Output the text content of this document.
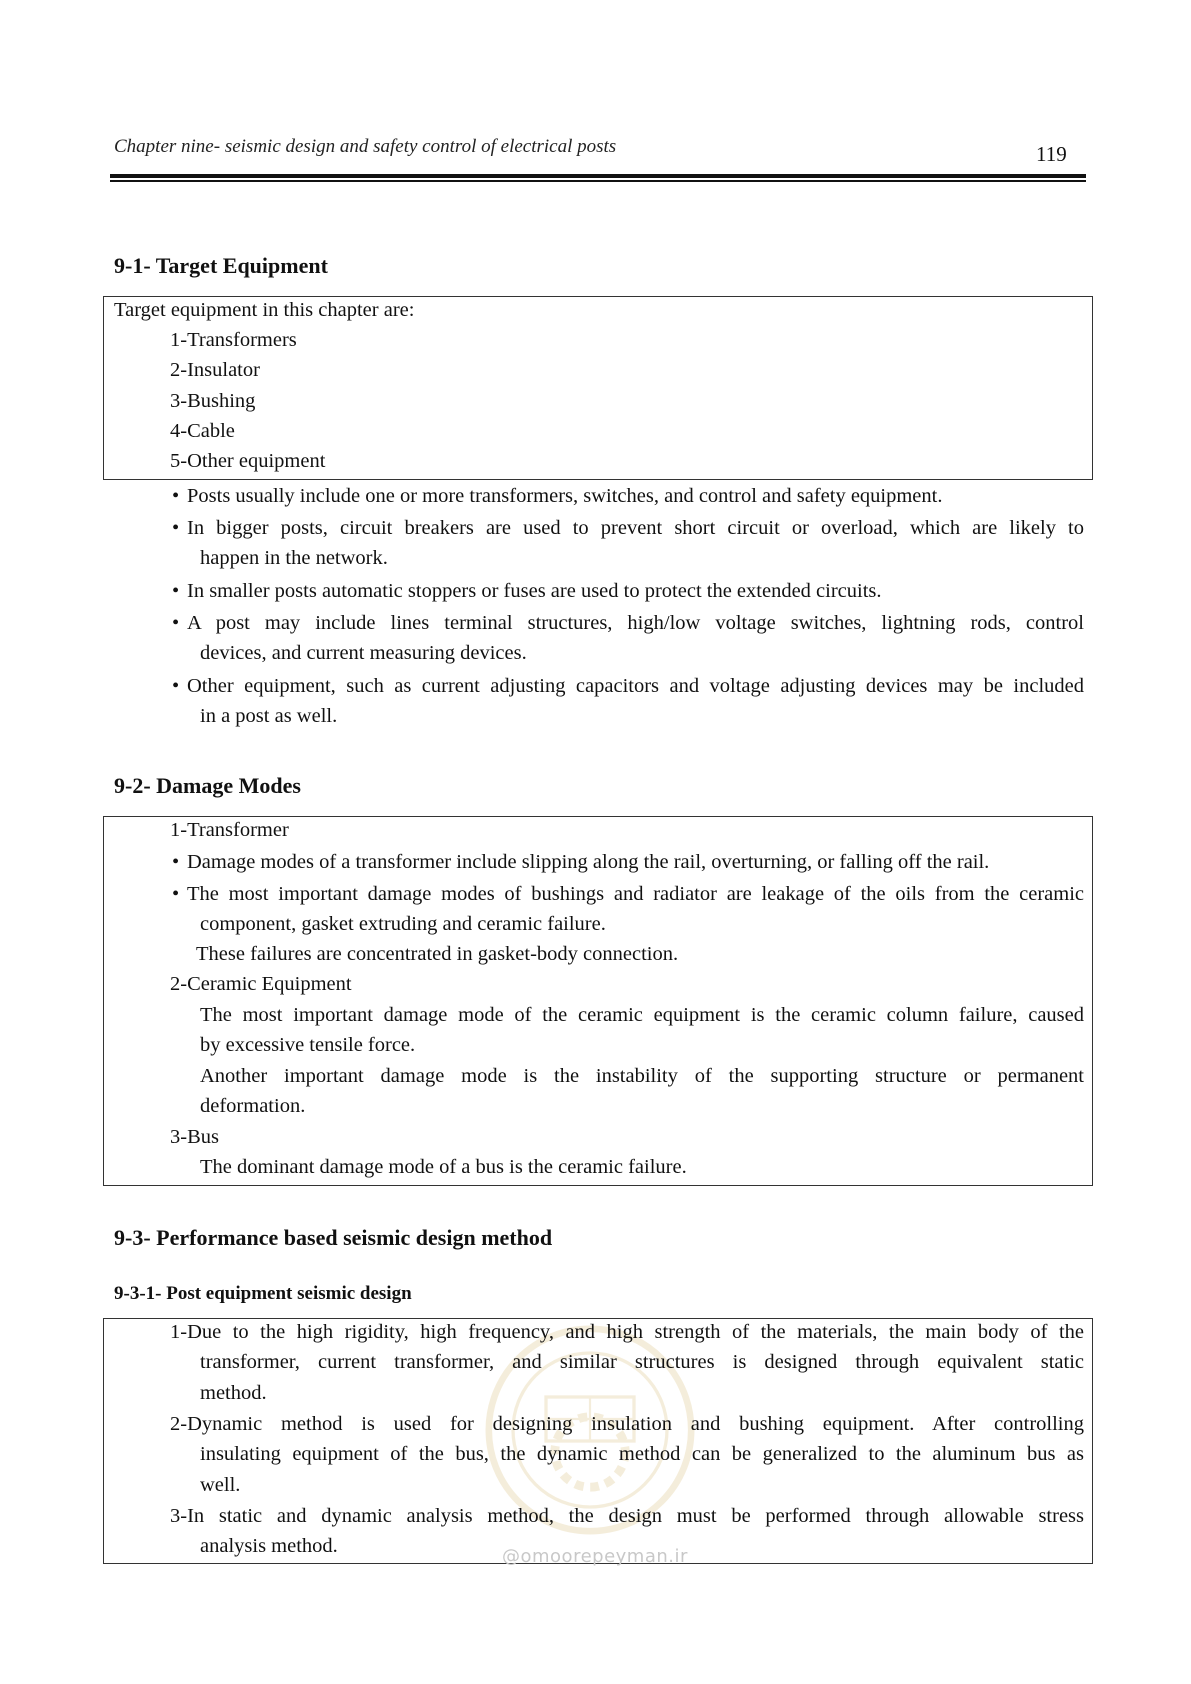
Chapter nine- seismic design and safety control of electrical posts	119
9-1- Target Equipment
Target equipment in this chapter are:
1-Transformers
2-Insulator
3-Bushing
4-Cable
5-Other equipment
• Posts usually include one or more transformers, switches, and control and safety equipment.
• In bigger posts, circuit breakers are used to prevent short circuit or overload, which are likely to
happen in the network.
• In smaller posts automatic stoppers or fuses are used to protect the extended circuits.
• A post may include lines terminal structures, high/low voltage switches, lightning rods, control
devices, and current measuring devices.
• Other equipment, such as current adjusting capacitors and voltage adjusting devices may be included
in a post as well.
9-2- Damage Modes
1-Transformer
• Damage modes of a transformer include slipping along the rail, overturning, or falling off the rail.
• The most important damage modes of bushings and radiator are leakage of the oils from the ceramic
component, gasket extruding and ceramic failure.
These failures are concentrated in gasket-body connection.
2-Ceramic Equipment
The most important damage mode of the ceramic equipment is the ceramic column failure, caused
by excessive tensile force.
Another important damage mode is the instability of the supporting structure or permanent
deformation.
3-Bus
The dominant damage mode of a bus is the ceramic failure.
9-3- Performance based seismic design method
9-3-1- Post equipment seismic design
1-Due to the high rigidity, high frequency, and high strength of the materials, the main body of the
transformer, current transformer, and similar structures is designed through equivalent static
method.
2-Dynamic method is used for designing insulation and bushing equipment. After controlling
insulating equipment of the bus, the dynamic method can be generalized to the aluminum bus as
well.
3-In static and dynamic analysis method, the design must be performed through allowable stress
analysis method.	@omoorepeyman.ir
